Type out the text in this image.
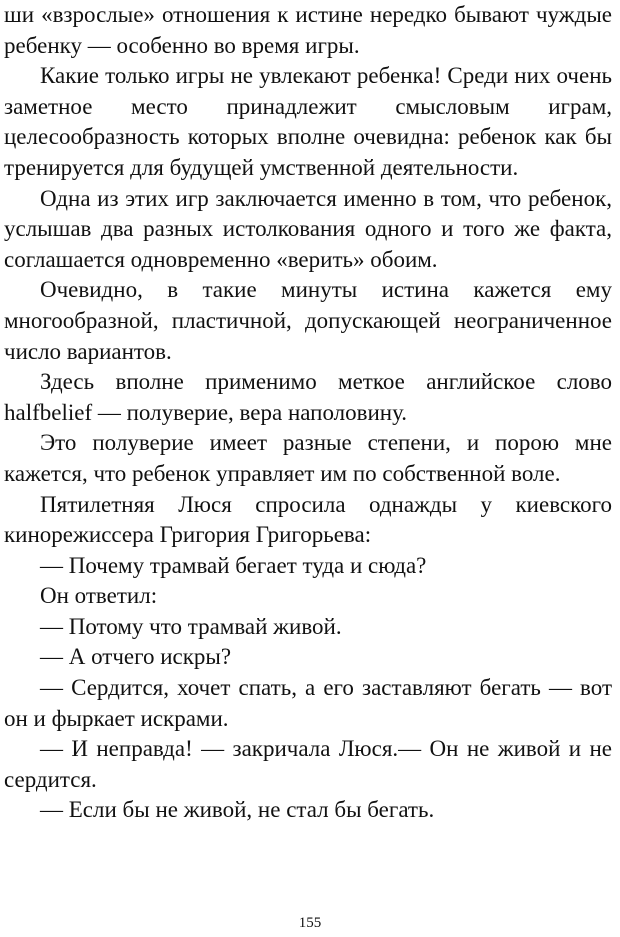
ши «взрослые» отношения к истине нередко бывают чуждые ребенку — особенно во время игры.

Какие только игры не увлекают ребенка! Среди них очень заметное место принадлежит смысловым играм, целесообразность которых вполне очевидна: ребенок как бы тренируется для будущей умственной деятельности.

Одна из этих игр заключается именно в том, что ребенок, услышав два разных истолкования одного и того же факта, соглашается одновременно «верить» обоим.

Очевидно, в такие минуты истина кажется ему многообразной, пластичной, допускающей неограниченное число вариантов.

Здесь вполне применимо меткое английское слово halfbelief — полуверие, вера наполовину.

Это полуверие имеет разные степени, и порою мне кажется, что ребенок управляет им по собственной воле.

Пятилетняя Люся спросила однажды у киевского кинорежиссера Григория Григорьева:

— Почему трамвай бегает туда и сюда?

Он ответил:

— Потому что трамвай живой.

— А отчего искры?

— Сердится, хочет спать, а его заставляют бегать — вот он и фыркает искрами.

— И неправда! — закричала Люся.— Он не живой и не сердится.

— Если бы не живой, не стал бы бегать.

155
